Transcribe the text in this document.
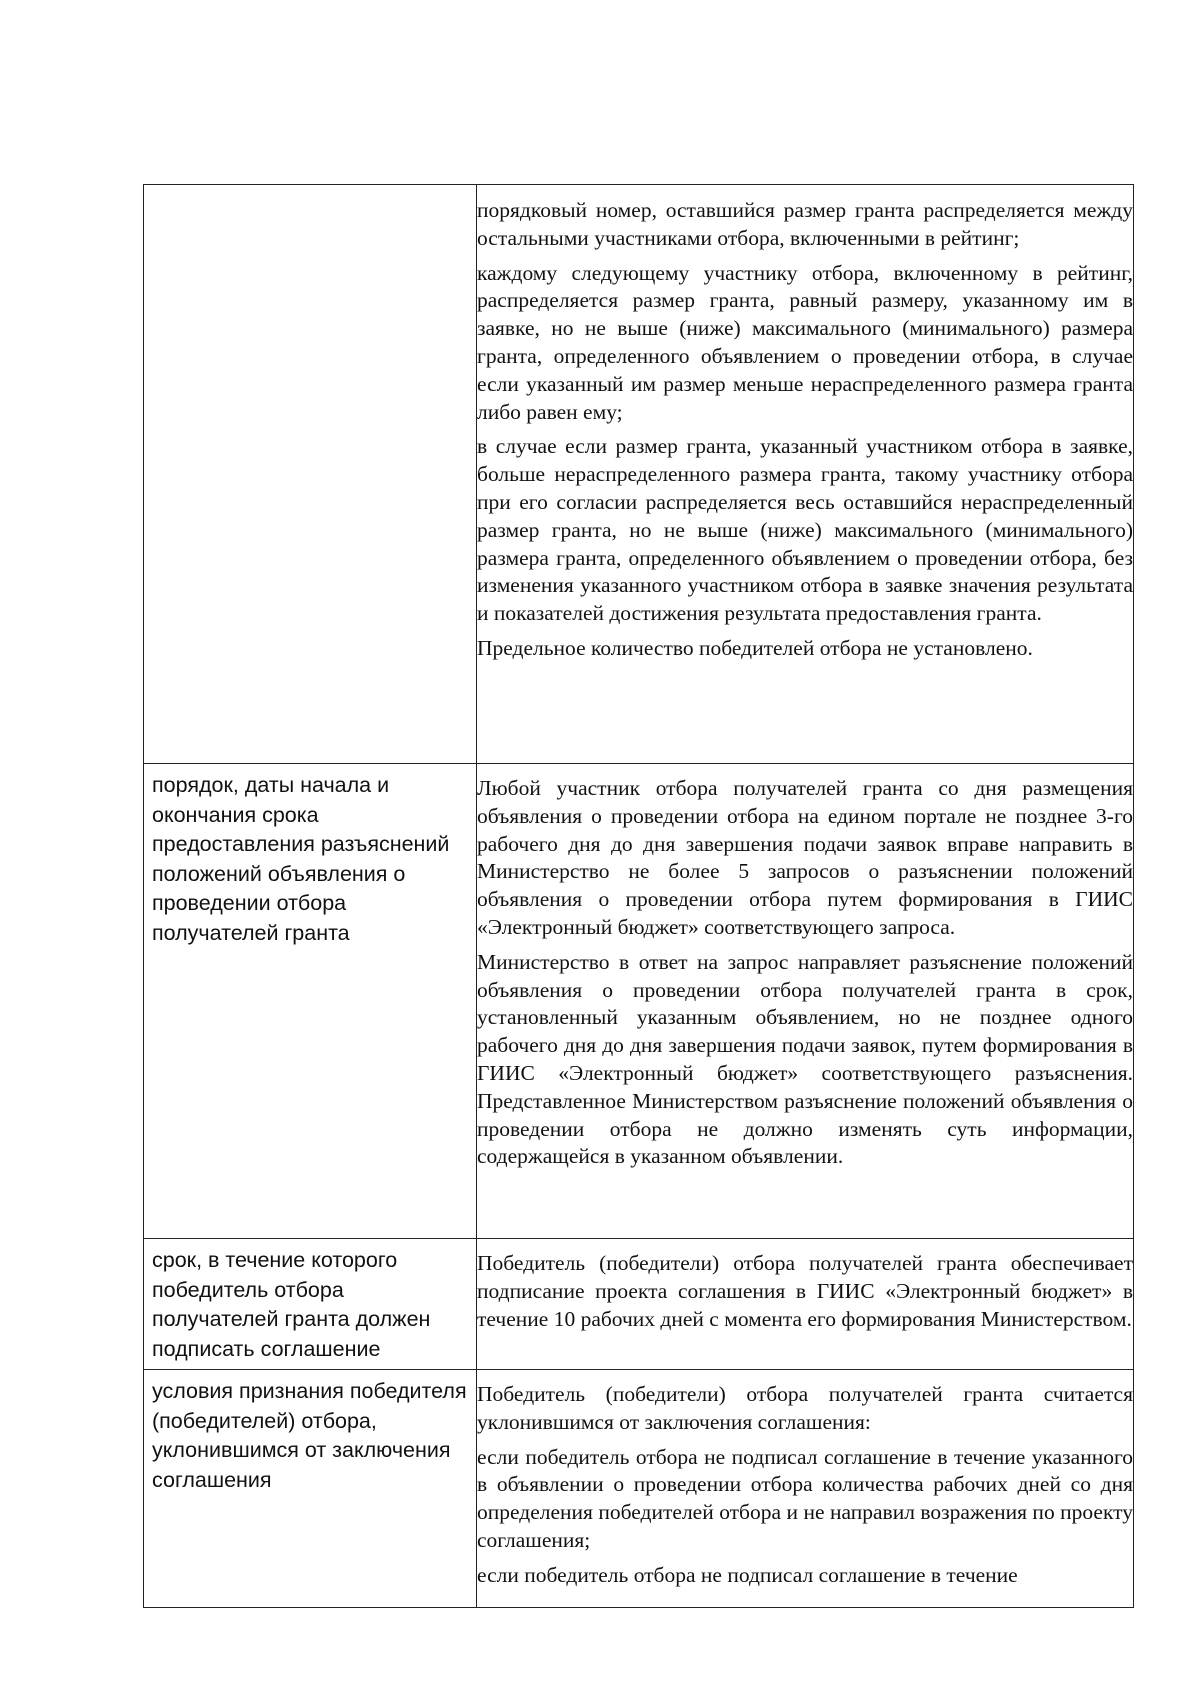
	порядковый номер, оставшийся размер гранта распределяется между остальными участниками отбора, включенными в рейтинг;

каждому следующему участнику отбора, включенному в рейтинг, распределяется размер гранта, равный размеру, указанному им в заявке, но не выше (ниже) максимального (минимального) размера гранта, определенного объявлением о проведении отбора, в случае если указанный им размер меньше нераспределенного размера гранта либо равен ему;

в случае если размер гранта, указанный участником отбора в заявке, больше нераспределенного размера гранта, такому участнику отбора при его согласии распределяется весь оставшийся нераспределенный размер гранта, но не выше (ниже) максимального (минимального) размера гранта, определенного объявлением о проведении отбора, без изменения указанного участником отбора в заявке значения результата и показателей достижения результата предоставления гранта.

Предельное количество победителей отбора не установлено.

порядок, даты начала и окончания срока предоставления разъяснений положений объявления о проведении отбора получателей гранта	Любой участник отбора получателей гранта со дня размещения объявления о проведении отбора на едином портале не позднее 3-го рабочего дня до дня завершения подачи заявок вправе направить в Министерство не более 5 запросов о разъяснении положений объявления о проведении отбора путем формирования в ГИИС «Электронный бюджет» соответствующего запроса.

Министерство в ответ на запрос направляет разъяснение положений объявления о проведении отбора получателей гранта в срок, установленный указанным объявлением, но не позднее одного рабочего дня до дня завершения подачи заявок, путем формирования в ГИИС «Электронный бюджет» соответствующего разъяснения. Представленное Министерством разъяснение положений объявления о проведении отбора не должно изменять суть информации, содержащейся в указанном объявлении.

срок, в течение которого победитель отбора получателей гранта должен подписать соглашение	Победитель (победители) отбора получателей гранта обеспечивает подписание проекта соглашения в ГИИС «Электронный бюджет» в течение 10 рабочих дней с момента его формирования Министерством.

условия признания победителя (победителей) отбора, уклонившимся от заключения соглашения	Победитель (победители) отбора получателей гранта считается уклонившимся от заключения соглашения:

если победитель отбора не подписал соглашение в течение указанного в объявлении о проведении отбора количества рабочих дней со дня определения победителей отбора и не направил возражения по проекту соглашения;

если победитель отбора не подписал соглашение в течение
